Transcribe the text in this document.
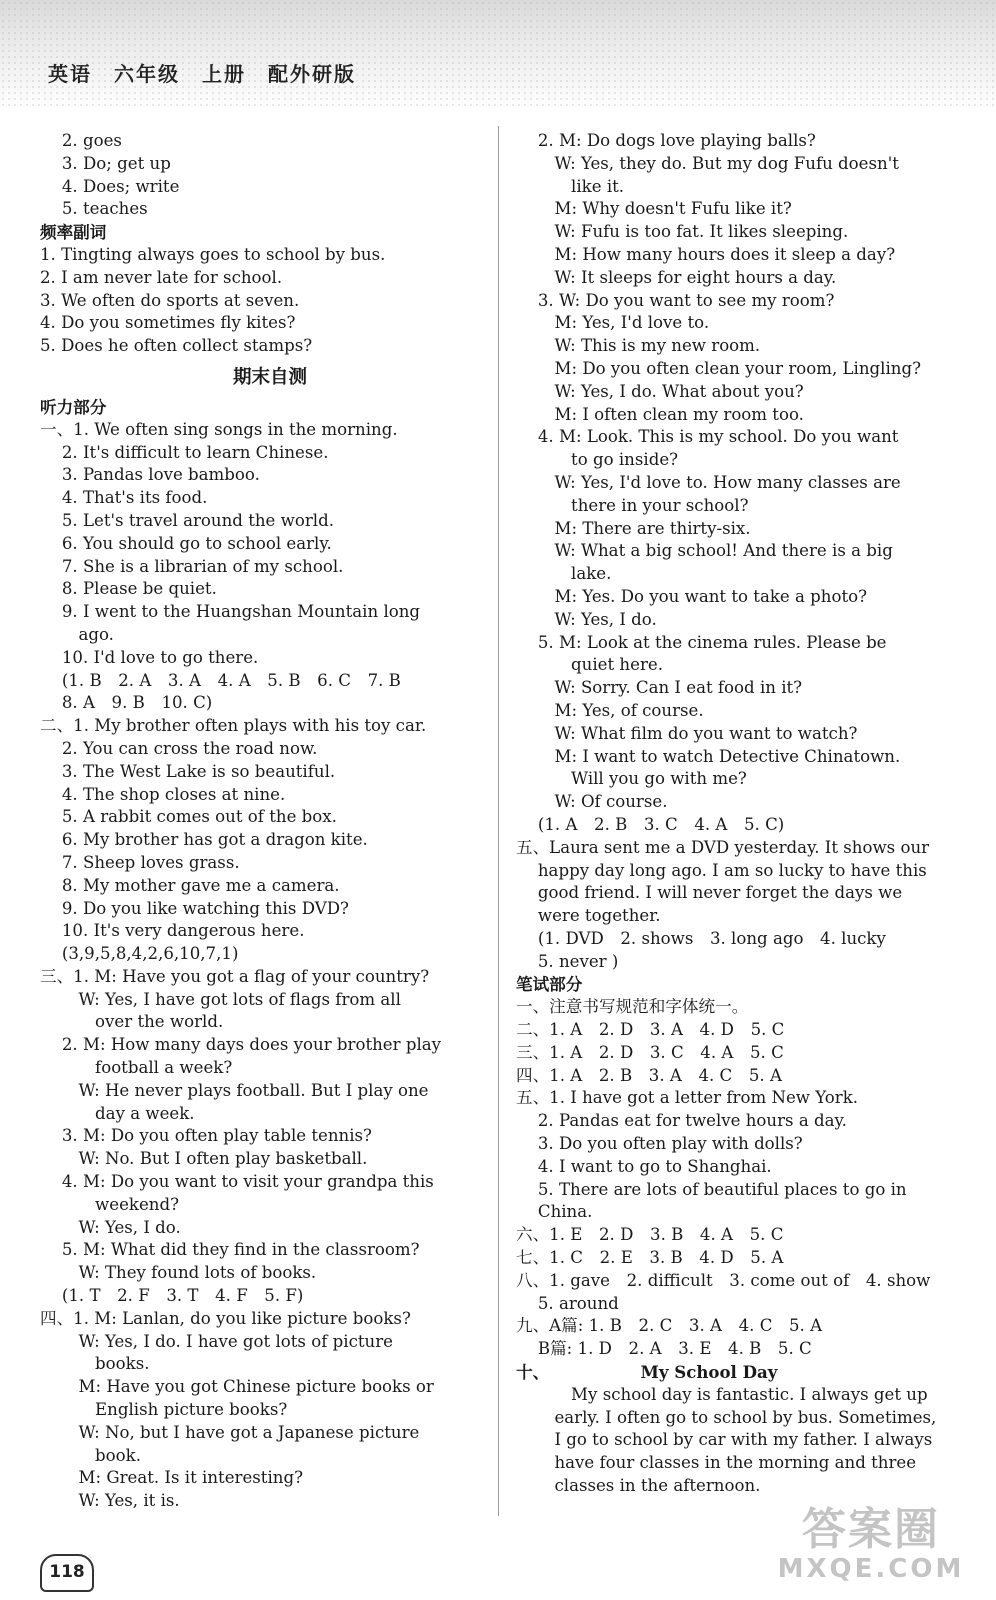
英语　六年级　上册　配外研版
　 2. goes
　 3. Do; get up
　 4. Does; write
　 5. teaches
频率副词
1. Tingting always goes to school by bus.
2. I am never late for school.
3. We often do sports at seven.
4. Do you sometimes fly kites?
5. Does he often collect stamps?
期末自测
听力部分
一、1. We often sing songs in the morning.
　 2. It's difficult to learn Chinese.
　 3. Pandas love bamboo.
　 4. That's its food.
　 5. Let's travel around the world.
　 6. You should go to school early.
　 7. She is a librarian of my school.
　 8. Please be quiet.
　 9. I went to the Huangshan Mountain long
　　 ago.
　 10. I'd love to go there.
　 (1. B　2. A　3. A　4. A　5. B　6. C　7. B
　 8. A　9. B　10. C)
二、1. My brother often plays with his toy car.
　 2. You can cross the road now.
　 3. The West Lake is so beautiful.
　 4. The shop closes at nine.
　 5. A rabbit comes out of the box.
　 6. My brother has got a dragon kite.
　 7. Sheep loves grass.
　 8. My mother gave me a camera.
　 9. Do you like watching this DVD?
　 10. It's very dangerous here.
　 (3,9,5,8,4,2,6,10,7,1)
三、1. M: Have you got a flag of your country?
　　 W: Yes, I have got lots of flags from all
　　　 over the world.
　 2. M: How many days does your brother play
　　　 football a week?
　　 W: He never plays football. But I play one
　　　 day a week.
　 3. M: Do you often play table tennis?
　　 W: No. But I often play basketball.
　 4. M: Do you want to visit your grandpa this
　　　 weekend?
　　 W: Yes, I do.
　 5. M: What did they find in the classroom?
　　 W: They found lots of books.
　 (1. T　2. F　3. T　4. F　5. F)
四、1. M: Lanlan, do you like picture books?
　　 W: Yes, I do. I have got lots of picture
　　　 books.
　　 M: Have you got Chinese picture books or
　　　 English picture books?
　　 W: No, but I have got a Japanese picture
　　　 book.
　　 M: Great. Is it interesting?
　　 W: Yes, it is.
　 2. M: Do dogs love playing balls?
　　 W: Yes, they do. But my dog Fufu doesn't
　　　 like it.
　　 M: Why doesn't Fufu like it?
　　 W: Fufu is too fat. It likes sleeping.
　　 M: How many hours does it sleep a day?
　　 W: It sleeps for eight hours a day.
　 3. W: Do you want to see my room?
　　 M: Yes, I'd love to.
　　 W: This is my new room.
　　 M: Do you often clean your room, Lingling?
　　 W: Yes, I do. What about you?
　　 M: I often clean my room too.
　 4. M: Look. This is my school. Do you want
　　　 to go inside?
　　 W: Yes, I'd love to. How many classes are
　　　 there in your school?
　　 M: There are thirty-six.
　　 W: What a big school! And there is a big
　　　 lake.
　　 M: Yes. Do you want to take a photo?
　　 W: Yes, I do.
　 5. M: Look at the cinema rules. Please be
　　　 quiet here.
　　 W: Sorry. Can I eat food in it?
　　 M: Yes, of course.
　　 W: What film do you want to watch?
　　 M: I want to watch Detective Chinatown.
　　　 Will you go with me?
　　 W: Of course.
　 (1. A　2. B　3. C　4. A　5. C)
五、Laura sent me a DVD yesterday. It shows our
　 happy day long ago. I am so lucky to have this
　 good friend. I will never forget the days we
　 were together.
　 (1. DVD　2. shows　3. long ago　4. lucky
　 5. never )
笔试部分
一、注意书写规范和字体统一。
二、1. A　2. D　3. A　4. D　5. C
三、1. A　2. D　3. C　4. A　5. C
四、1. A　2. B　3. A　4. C　5. A
五、1. I have got a letter from New York.
　 2. Pandas eat for twelve hours a day.
　 3. Do you often play with dolls?
　 4. I want to go to Shanghai.
　 5. There are lots of beautiful places to go in
　 China.
六、1. E　2. D　3. B　4. A　5. C
七、1. C　2. E　3. B　4. D　5. A
八、1. gave　2. difficult　3. come out of　4. show
　 5. around
九、A篇: 1. B　2. C　3. A　4. C　5. A
　 B篇: 1. D　2. A　3. E　4. B　5. C
十、　　　　　　My School Day
　　　 My school day is fantastic. I always get up
　　 early. I often go to school by bus. Sometimes,
　　 I go to school by car with my father. I always
　　 have four classes in the morning and three
　　 classes in the afternoon.
118
答案圈
MXQE.COM
